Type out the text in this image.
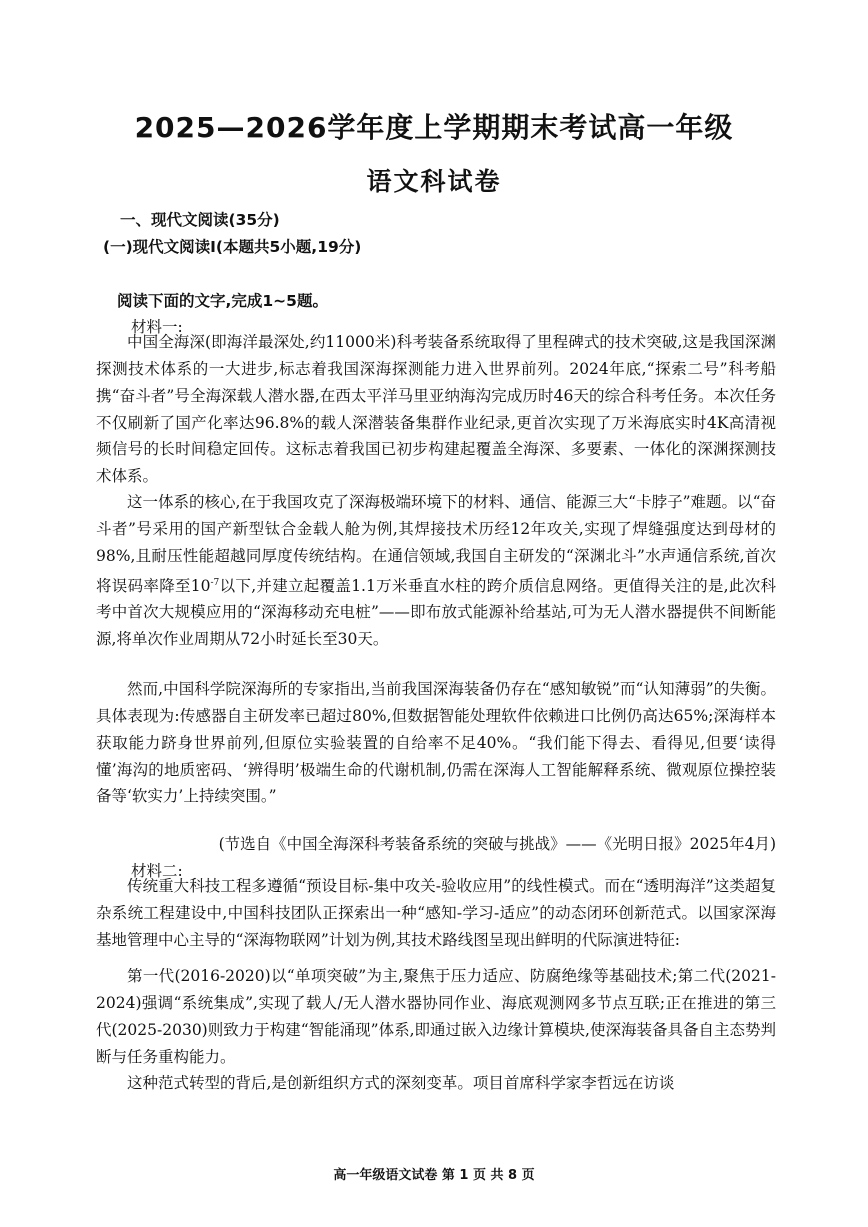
2025—2026学年度上学期期末考试高一年级
语文科试卷

一、现代文阅读(35分)

(一)现代文阅读Ⅰ(本题共5小题,19分)

阅读下面的文字,完成1~5题。

材料一:

中国全海深(即海洋最深处,约11000米)科考装备系统取得了里程碑式的技术突破,这是我国深渊探测技术体系的一大进步,标志着我国深海探测能力进入世界前列。2024年底,“探索二号”科考船携“奋斗者”号全海深载人潜水器,在西太平洋马里亚纳海沟完成历时46天的综合科考任务。本次任务不仅刷新了国产化率达96.8%的载人深潜装备集群作业纪录,更首次实现了万米海底实时4K高清视频信号的长时间稳定回传。这标志着我国已初步构建起覆盖全海深、多要素、一体化的深渊探测技术体系。

这一体系的核心,在于我国攻克了深海极端环境下的材料、通信、能源三大“卡脖子”难题。以“奋斗者”号采用的国产新型钛合金载人舱为例,其焊接技术历经12年攻关,实现了焊缝强度达到母材的98%,且耐压性能超越同厚度传统结构。在通信领域,我国自主研发的“深渊北斗”水声通信系统,首次将误码率降至$10^{-7}$以下,并建立起覆盖1.1万米垂直水柱的跨介质信息网络。更值得关注的是,此次科考中首次大规模应用的“深海移动充电桩”——即布放式能源补给基站,可为无人潜水器提供不间断能源,将单次作业周期从72小时延长至30天。

然而,中国科学院深海所的专家指出,当前我国深海装备仍存在“感知敏锐”而“认知薄弱”的失衡。具体表现为:传感器自主研发率已超过80%,但数据智能处理软件依赖进口比例仍高达65%;深海样本获取能力跻身世界前列,但原位实验装置的自给率不足40%。“我们能下得去、看得见,但要‘读得懂’海沟的地质密码、‘辨得明’极端生命的代谢机制,仍需在深海人工智能解释系统、微观原位操控装备等‘软实力’上持续突围。”

(节选自《中国全海深科考装备系统的突破与挑战》——《光明日报》2025年4月)

材料二:

传统重大科技工程多遵循“预设目标-集中攻关-验收应用”的线性模式。而在“透明海洋”这类超复杂系统工程建设中,中国科技团队正探索出一种“感知-学习-适应”的动态闭环创新范式。以国家深海基地管理中心主导的“深海物联网”计划为例,其技术路线图呈现出鲜明的代际演进特征:

第一代(2016-2020)以“单项突破”为主,聚焦于压力适应、防腐绝缘等基础技术;第二代(2021-2024)强调“系统集成”,实现了载人/无人潜水器协同作业、海底观测网多节点互联;正在推进的第三代(2025-2030)则致力于构建“智能涌现”体系,即通过嵌入边缘计算模块,使深海装备具备自主态势判断与任务重构能力。

这种范式转型的背后,是创新组织方式的深刻变革。项目首席科学家李哲远在访谈

高一年级语文试卷 第 1 页 共 8 页
